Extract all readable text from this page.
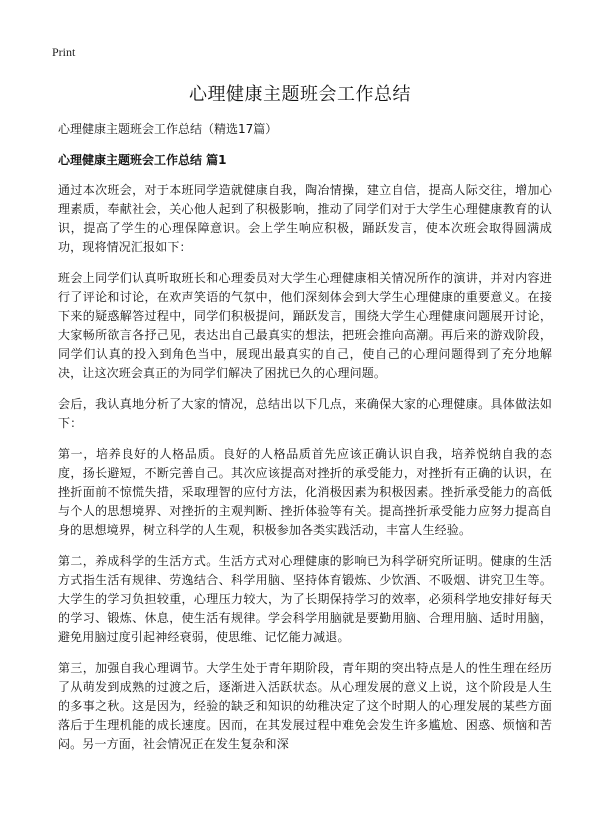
Print
心理健康主题班会工作总结
心理健康主题班会工作总结（精选17篇）
心理健康主题班会工作总结 篇1

通过本次班会，对于本班同学造就健康自我，陶冶情操，建立自信，提高人际交往，增加心理素质，奉献社会，关心他人起到了积极影响，推动了同学们对于大学生心理健康教育的认识，提高了学生的心理保障意识。会上学生响应积极，踊跃发言，使本次班会取得圆满成功，现将情况汇报如下：

班会上同学们认真听取班长和心理委员对大学生心理健康相关情况所作的演讲，并对内容进行了评论和讨论，在欢声笑语的气氛中，他们深刻体会到大学生心理健康的重要意义。在接下来的疑惑解答过程中，同学们积极提问，踊跃发言，围绕大学生心理健康问题展开讨论，大家畅所欲言各抒己见，表达出自己最真实的想法，把班会推向高潮。再后来的游戏阶段，同学们认真的投入到角色当中，展现出最真实的自己，使自己的心理问题得到了充分地解决，让这次班会真正的为同学们解决了困扰已久的心理问题。

会后，我认真地分析了大家的情况，总结出以下几点，来确保大家的心理健康。具体做法如下：

第一，培养良好的人格品质。良好的人格品质首先应该正确认识自我，培养悦纳自我的态度，扬长避短，不断完善自己。其次应该提高对挫折的承受能力，对挫折有正确的认识，在挫折面前不惊慌失措，采取理智的应付方法，化消极因素为积极因素。挫折承受能力的高低与个人的思想境界、对挫折的主观判断、挫折体验等有关。提高挫折承受能力应努力提高自身的思想境界，树立科学的人生观，积极参加各类实践活动，丰富人生经验。

第二，养成科学的生活方式。生活方式对心理健康的影响已为科学研究所证明。健康的生活方式指生活有规律、劳逸结合、科学用脑、坚持体育锻炼、少饮酒、不吸烟、讲究卫生等。大学生的学习负担较重，心理压力较大，为了长期保持学习的效率，必须科学地安排好每天的学习、锻炼、休息，使生活有规律。学会科学用脑就是要勤用脑、合理用脑、适时用脑，避免用脑过度引起神经衰弱，使思维、记忆能力减退。

第三，加强自我心理调节。大学生处于青年期阶段，青年期的突出特点是人的性生理在经历了从萌发到成熟的过渡之后，逐渐进入活跃状态。从心理发展的意义上说，这个阶段是人生的多事之秋。这是因为，经验的缺乏和知识的幼稚决定了这个时期人的心理发展的某些方面落后于生理机能的成长速度。因而，在其发展过程中难免会发生许多尴尬、困惑、烦恼和苦闷。另一方面，社会情况正在发生复杂和深
